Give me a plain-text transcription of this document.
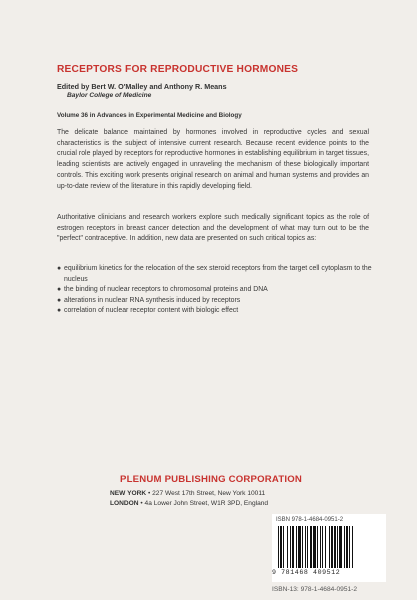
RECEPTORS FOR REPRODUCTIVE HORMONES
Edited by Bert W. O'Malley and Anthony R. Means
Baylor College of Medicine
Volume 36 in Advances in Experimental Medicine and Biology
The delicate balance maintained by hormones involved in reproductive cycles and sexual characteristics is the subject of intensive current research. Because recent evidence points to the crucial role played by receptors for reproductive hormones in establishing equilibrium in target tissues, leading scientists are actively engaged in unraveling the mechanism of these biologically important controls. This exciting work presents original research on animal and human systems and provides an up-to-date review of the literature in this rapidly developing field.
Authoritative clinicians and research workers explore such medically significant topics as the role of estrogen receptors in breast cancer detection and the development of what may turn out to be the "perfect" contraceptive. In addition, new data are presented on such critical topics as:
● equilibrium kinetics for the relocation of the sex steroid receptors from the target cell cytoplasm to the nucleus
● the binding of nuclear receptors to chromosomal proteins and DNA
● alterations in nuclear RNA synthesis induced by receptors
● correlation of nuclear receptor content with biologic effect
PLENUM PUBLISHING CORPORATION
NEW YORK • 227 West 17th Street, New York 10011
LONDON • 4a Lower John Street, W1R 3PD, England
ISBN 978-1-4684-0951-2
9 781468 409512
ISBN-13: 978-1-4684-0951-2
